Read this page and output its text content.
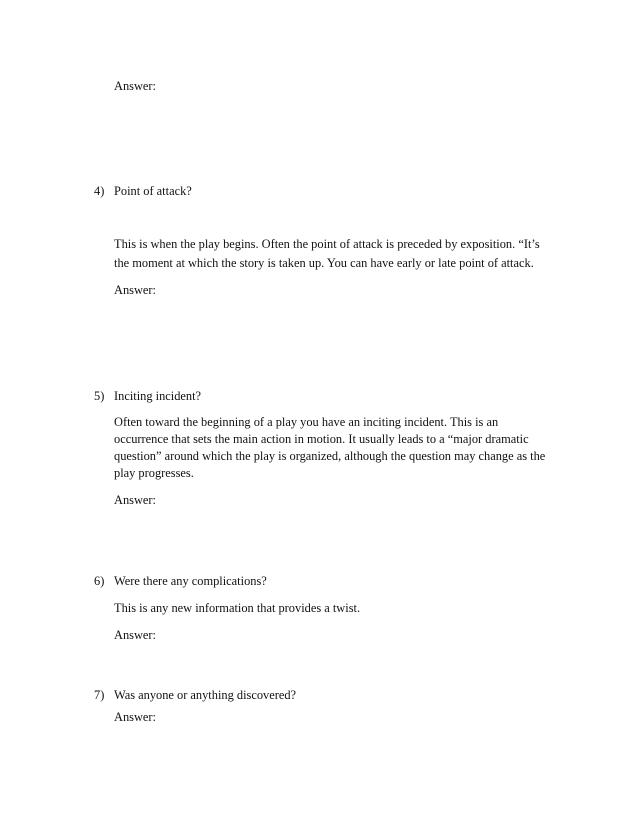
Answer:
4) Point of attack?
This is when the play begins. Often the point of attack is preceded by exposition. “It’s
the moment at which the story is taken up. You can have early or late point of attack.
Answer:
5) Inciting incident?
Often toward the beginning of a play you have an inciting incident. This is an
occurrence that sets the main action in motion. It usually leads to a “major dramatic
question” around which the play is organized, although the question may change as the
play progresses.
Answer:
6) Were there any complications?
This is any new information that provides a twist.
Answer:
7) Was anyone or anything discovered?
Answer:
